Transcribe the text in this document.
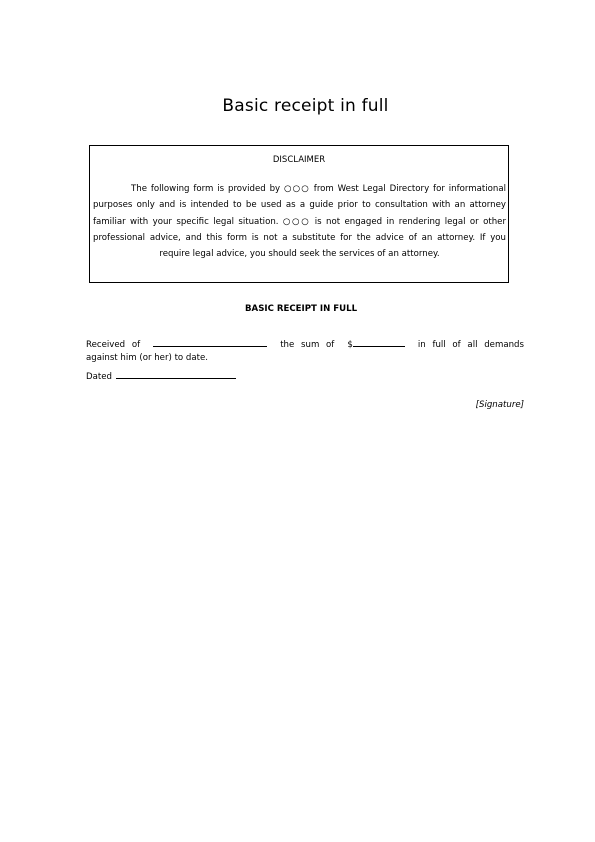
Basic receipt in full
DISCLAIMER
The following form is provided by ○○○ from West Legal Directory for informational purposes only and is intended to be used as a guide prior to consultation with an attorney familiar with your specific legal situation. ○○○ is not engaged in rendering legal or other professional advice, and this form is not a substitute for the advice of an attorney. If you require legal advice, you should seek the services of an attorney.
BASIC RECEIPT IN FULL
Received of	the sum of $	in full of all demands
against him (or her) to date.
Dated
[Signature]
